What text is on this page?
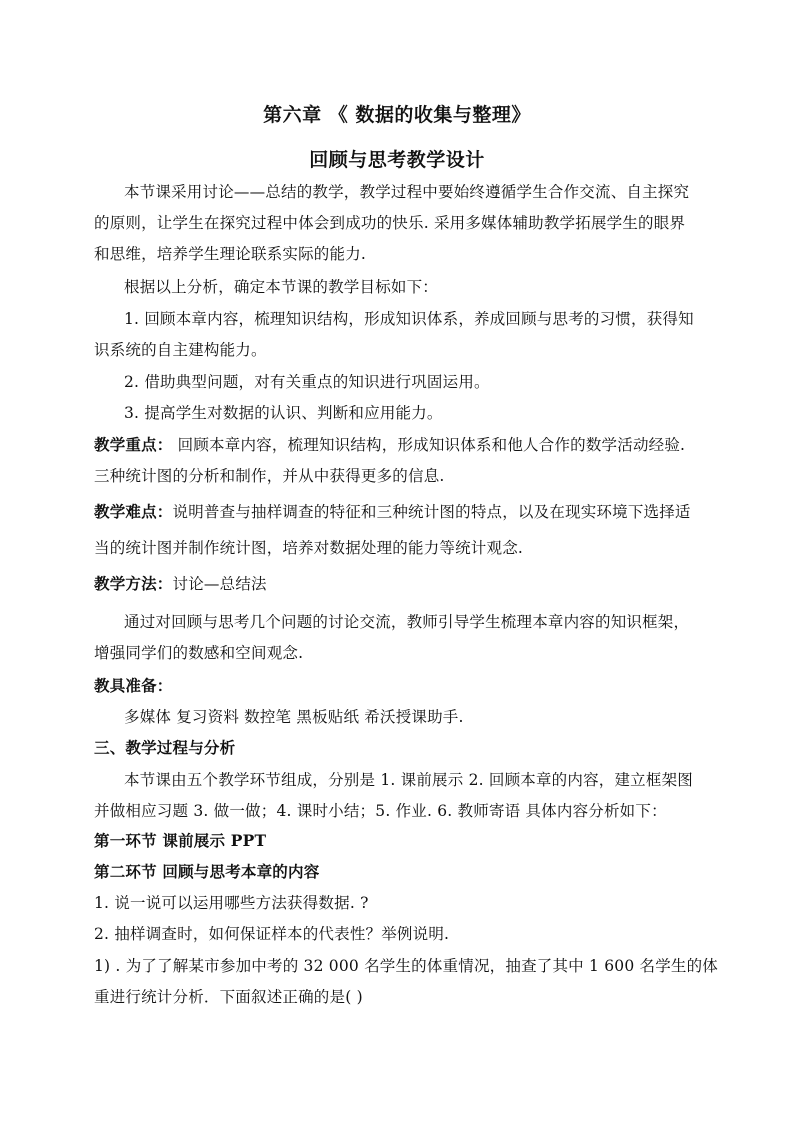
第六章 《 数据的收集与整理》
回顾与思考教学设计
本节课采用讨论——总结的教学，教学过程中要始终遵循学生合作交流、自主探究
的原则，让学生在探究过程中体会到成功的快乐. 采用多媒体辅助教学拓展学生的眼界
和思维，培养学生理论联系实际的能力.
根据以上分析，确定本节课的教学目标如下：
1. 回顾本章内容，梳理知识结构，形成知识体系，养成回顾与思考的习惯，获得知
识系统的自主建构能力。
2. 借助典型问题，对有关重点的知识进行巩固运用。
3. 提高学生对数据的认识、判断和应用能力。
教学重点： 回顾本章内容，梳理知识结构，形成知识体系和他人合作的数学活动经验.
三种统计图的分析和制作，并从中获得更多的信息.
教学难点：说明普查与抽样调查的特征和三种统计图的特点，以及在现实环境下选择适
当的统计图并制作统计图，培养对数据处理的能力等统计观念.
教学方法：讨论—总结法
通过对回顾与思考几个问题的讨论交流，教师引导学生梳理本章内容的知识框架，
增强同学们的数感和空间观念.
教具准备：
多媒体 复习资料 数控笔 黑板贴纸 希沃授课助手.
三、教学过程与分析
本节课由五个教学环节组成，分别是 1. 课前展示 2. 回顾本章的内容，建立框架图
并做相应习题 3. 做一做；4. 课时小结；5. 作业. 6. 教师寄语 具体内容分析如下：
第一环节 课前展示 PPT
第二环节 回顾与思考本章的内容
1. 说一说可以运用哪些方法获得数据. ?
2. 抽样调查时，如何保证样本的代表性？举例说明.
1) . 为了了解某市参加中考的 32 000 名学生的体重情况，抽查了其中 1 600 名学生的体
重进行统计分析．下面叙述正确的是( )
